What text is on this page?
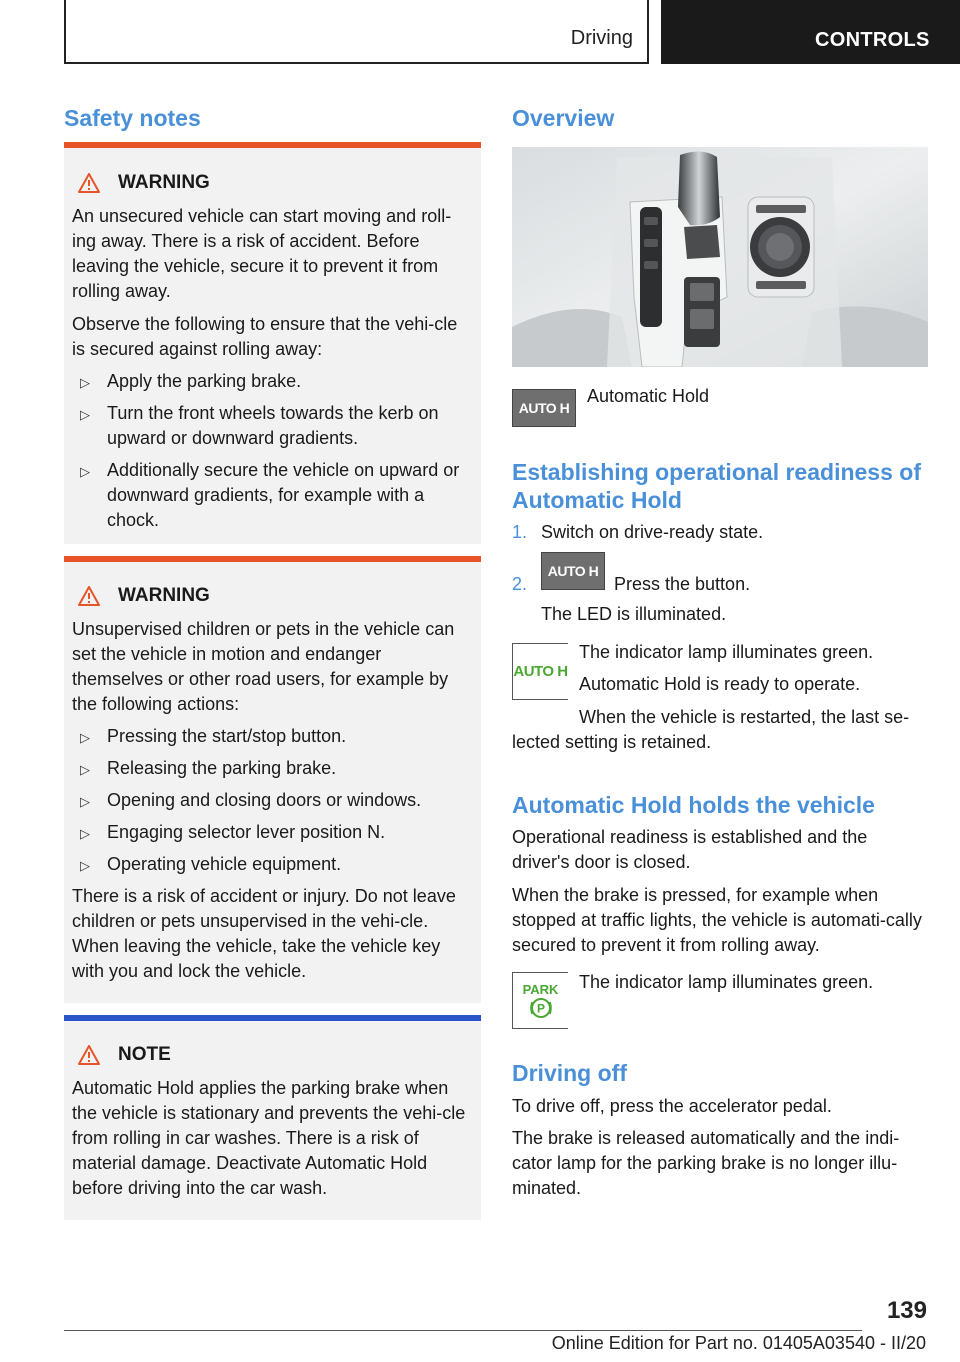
Driving	CONTROLS
Safety notes
WARNING

An unsecured vehicle can start moving and roll-ing away. There is a risk of accident. Before leaving the vehicle, secure it to prevent it from rolling away.

Observe the following to ensure that the vehi-cle is secured against rolling away:

▷ Apply the parking brake.
▷ Turn the front wheels towards the kerb on upward or downward gradients.
▷ Additionally secure the vehicle on upward or downward gradients, for example with a chock.
WARNING

Unsupervised children or pets in the vehicle can set the vehicle in motion and endanger themselves or other road users, for example by the following actions:

▷ Pressing the start/stop button.
▷ Releasing the parking brake.
▷ Opening and closing doors or windows.
▷ Engaging selector lever position N.
▷ Operating vehicle equipment.

There is a risk of accident or injury. Do not leave children or pets unsupervised in the vehi-cle. When leaving the vehicle, take the vehicle key with you and lock the vehicle.

NOTE

Automatic Hold applies the parking brake when the vehicle is stationary and prevents the vehi-cle from rolling in car washes. There is a risk of material damage. Deactivate Automatic Hold before driving into the car wash.

Overview
AUTO H

Automatic Hold

Establishing operational readiness of Automatic Hold
1. Switch on drive-ready state.

2.
AUTO H

Press the button.

The LED is illuminated.

AUTO H

The indicator lamp illuminates green.

Automatic Hold is ready to operate.

When the vehicle is restarted, the last se-

lected setting is retained.

Automatic Hold holds the vehicle

Operational readiness is established and the driver's door is closed.

When the brake is pressed, for example when stopped at traffic lights, the vehicle is automati-cally secured to prevent it from rolling away.

PARK
P

The indicator lamp illuminates green.

Driving off

To drive off, press the accelerator pedal.

The brake is released automatically and the indi-cator lamp for the parking brake is no longer illu-minated.

139
Online Edition for Part no. 01405A03540 - II/20
